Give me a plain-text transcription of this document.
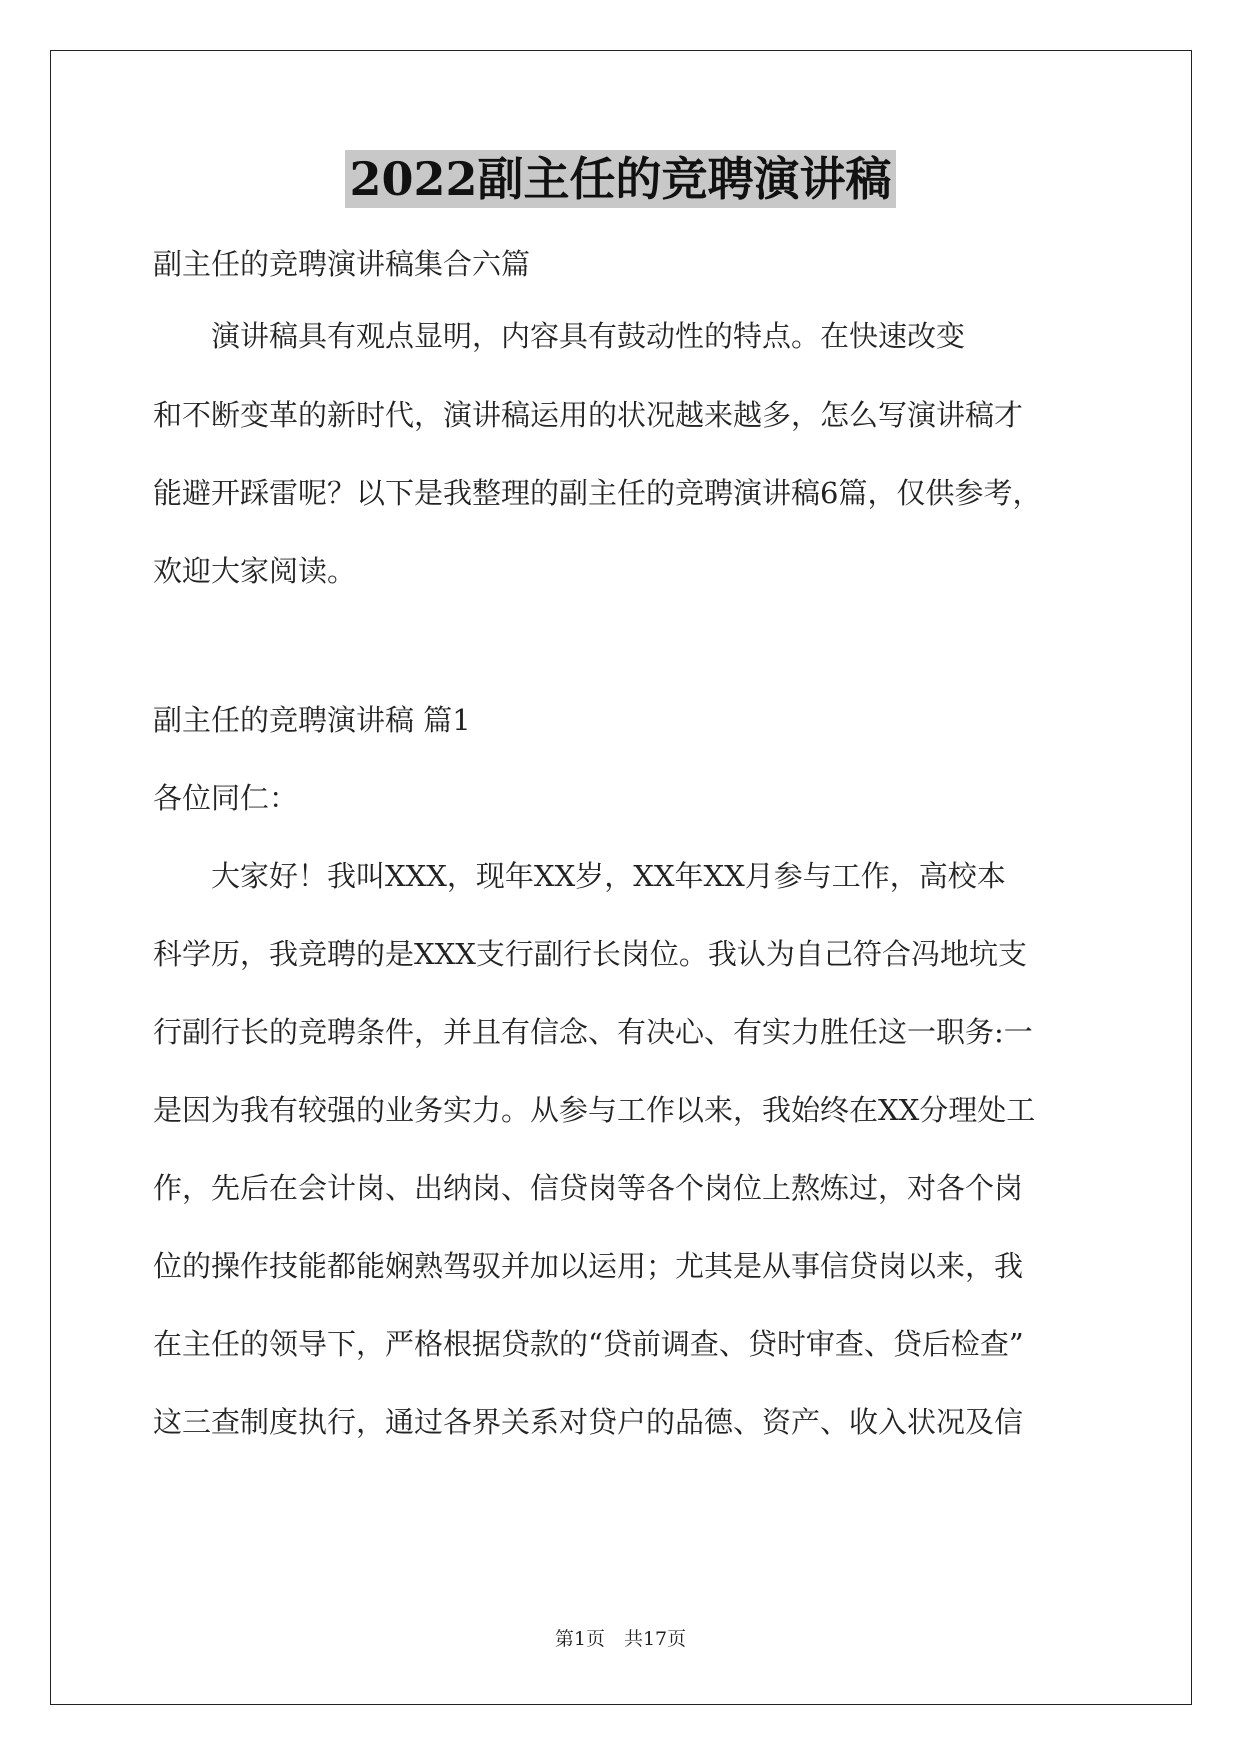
2022副主任的竞聘演讲稿
副主任的竞聘演讲稿集合六篇
　　演讲稿具有观点显明，内容具有鼓动性的特点。在快速改变
和不断变革的新时代，演讲稿运用的状况越来越多，怎么写演讲稿才
能避开踩雷呢？以下是我整理的副主任的竞聘演讲稿6篇，仅供参考，
欢迎大家阅读。
副主任的竞聘演讲稿 篇1
各位同仁：
　　大家好！我叫XXX，现年XX岁，XX年XX月参与工作，高校本
科学历，我竞聘的是XXX支行副行长岗位。我认为自己符合冯地坑支
行副行长的竞聘条件，并且有信念、有决心、有实力胜任这一职务:一
是因为我有较强的业务实力。从参与工作以来，我始终在XX分理处工
作，先后在会计岗、出纳岗、信贷岗等各个岗位上熬炼过，对各个岗
位的操作技能都能娴熟驾驭并加以运用；尤其是从事信贷岗以来，我
在主任的领导下，严格根据贷款的“贷前调查、贷时审查、贷后检查”
这三查制度执行，通过各界关系对贷户的品德、资产、收入状况及信
第1页　共17页
